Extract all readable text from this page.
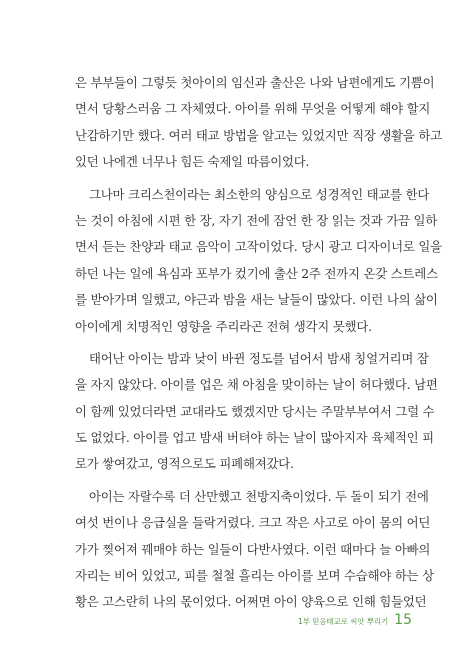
은 부부들이 그렇듯 첫아이의 임신과 출산은 나와 남편에게도 기쁨이
면서 당황스러움 그 자체였다. 아이를 위해 무엇을 어떻게 해야 할지
난감하기만 했다. 여러 태교 방법을 알고는 있었지만 직장 생활을 하고
있던 나에겐 너무나 힘든 숙제일 따름이었다.
그나마 크리스천이라는 최소한의 양심으로 성경적인 태교를 한다
는 것이 아침에 시편 한 장, 자기 전에 잠언 한 장 읽는 것과 가끔 일하
면서 듣는 찬양과 태교 음악이 고작이었다. 당시 광고 디자이너로 일을
하던 나는 일에 욕심과 포부가 컸기에 출산 2주 전까지 온갖 스트레스
를 받아가며 일했고, 야근과 밤을 새는 날들이 많았다. 이런 나의 삶이
아이에게 치명적인 영향을 주리라곤 전혀 생각지 못했다.
태어난 아이는 밤과 낮이 바뀐 정도를 넘어서 밤새 칭얼거리며 잠
을 자지 않았다. 아이를 업은 채 아침을 맞이하는 날이 허다했다. 남편
이 함께 있었더라면 교대라도 했겠지만 당시는 주말부부여서 그럴 수
도 없었다. 아이를 업고 밤새 버텨야 하는 날이 많아지자 육체적인 피
로가 쌓여갔고, 영적으로도 피폐해져갔다.
아이는 자랄수록 더 산만했고 천방지축이었다. 두 돌이 되기 전에
여섯 번이나 응급실을 들락거렸다. 크고 작은 사고로 아이 몸의 어딘
가가 찢어져 꿰매야 하는 일들이 다반사였다. 이런 때마다 늘 아빠의
자리는 비어 있었고, 피를 철철 흘리는 아이를 보며 수습해야 하는 상
황은 고스란히 나의 몫이었다. 어쩌면 아이 양육으로 인해 힘들었던
1부 믿음태교로 씨앗 뿌리기 15
